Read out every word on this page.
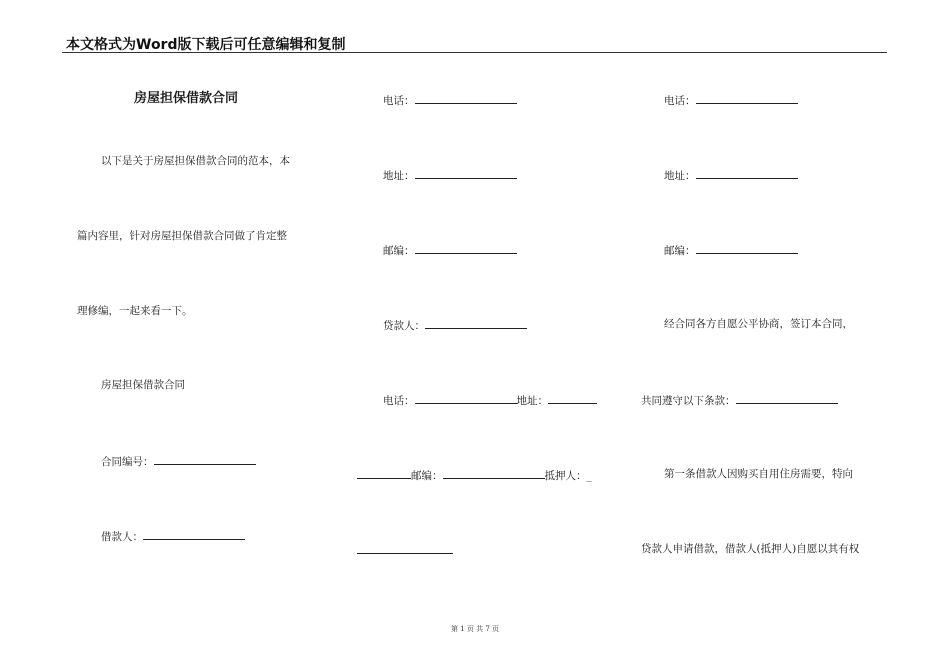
本文格式为Word版下载后可任意编辑和复制
房屋担保借款合同
以下是关于房屋担保借款合同的范本，本
篇内容里，针对房屋担保借款合同做了肯定整
理修编，一起来看一下。
房屋担保借款合同
合同编号：
借款人：
电话：
地址：
邮编：
贷款人：
电话：	地址：
邮编：	抵押人：_
电话：
地址：
邮编：
经合同各方自愿公平协商，签订本合同，
共同遵守以下条款：
第一条借款人因购买自用住房需要，特向
贷款人申请借款，借款人(抵押人)自愿以其有权
第 1 页 共 7 页
